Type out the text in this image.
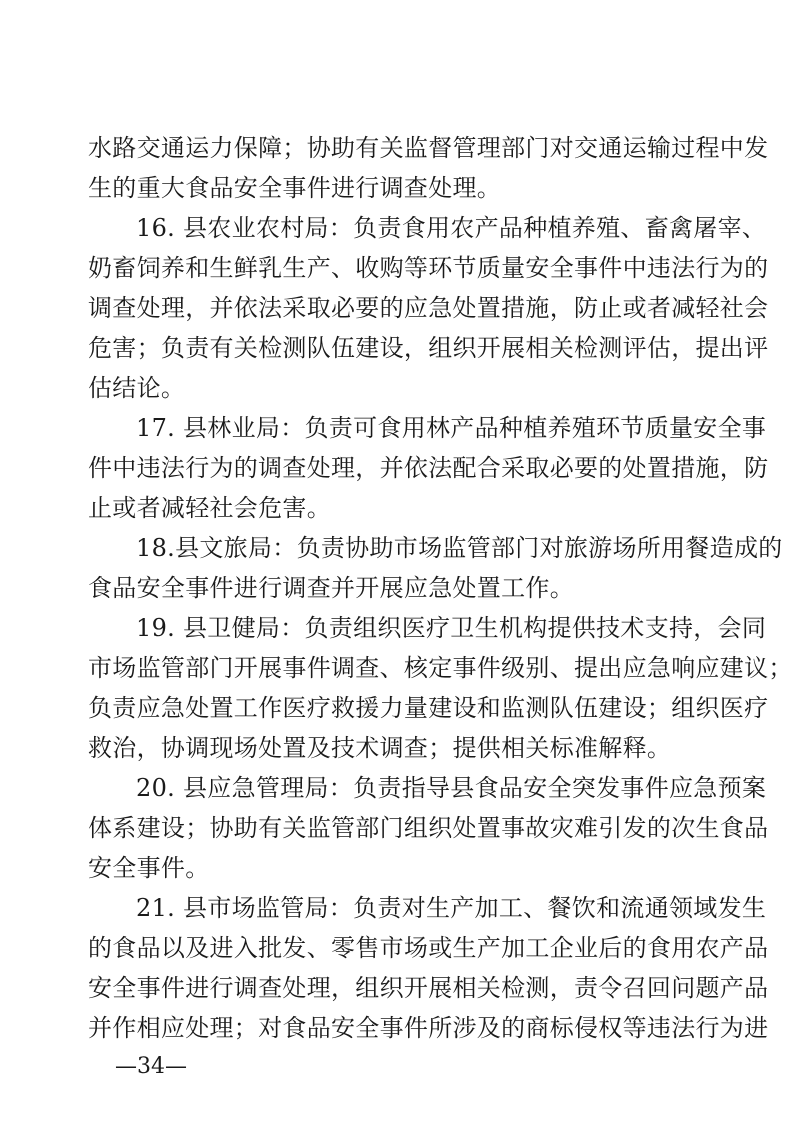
水路交通运力保障；协助有关监督管理部门对交通运输过程中发
生的重大食品安全事件进行调查处理。
16. 县农业农村局：负责食用农产品种植养殖、畜禽屠宰、
奶畜饲养和生鲜乳生产、收购等环节质量安全事件中违法行为的
调查处理，并依法采取必要的应急处置措施，防止或者减轻社会
危害；负责有关检测队伍建设，组织开展相关检测评估，提出评
估结论。
17. 县林业局：负责可食用林产品种植养殖环节质量安全事
件中违法行为的调查处理，并依法配合采取必要的处置措施，防
止或者减轻社会危害。
18.县文旅局：负责协助市场监管部门对旅游场所用餐造成的
食品安全事件进行调查并开展应急处置工作。
19. 县卫健局：负责组织医疗卫生机构提供技术支持，会同
市场监管部门开展事件调查、核定事件级别、提出应急响应建议；
负责应急处置工作医疗救援力量建设和监测队伍建设；组织医疗
救治，协调现场处置及技术调查；提供相关标准解释。
20. 县应急管理局：负责指导县食品安全突发事件应急预案
体系建设；协助有关监管部门组织处置事故灾难引发的次生食品
安全事件。
21. 县市场监管局：负责对生产加工、餐饮和流通领域发生
的食品以及进入批发、零售市场或生产加工企业后的食用农产品
安全事件进行调查处理，组织开展相关检测，责令召回问题产品
并作相应处理；对食品安全事件所涉及的商标侵权等违法行为进
—34—
